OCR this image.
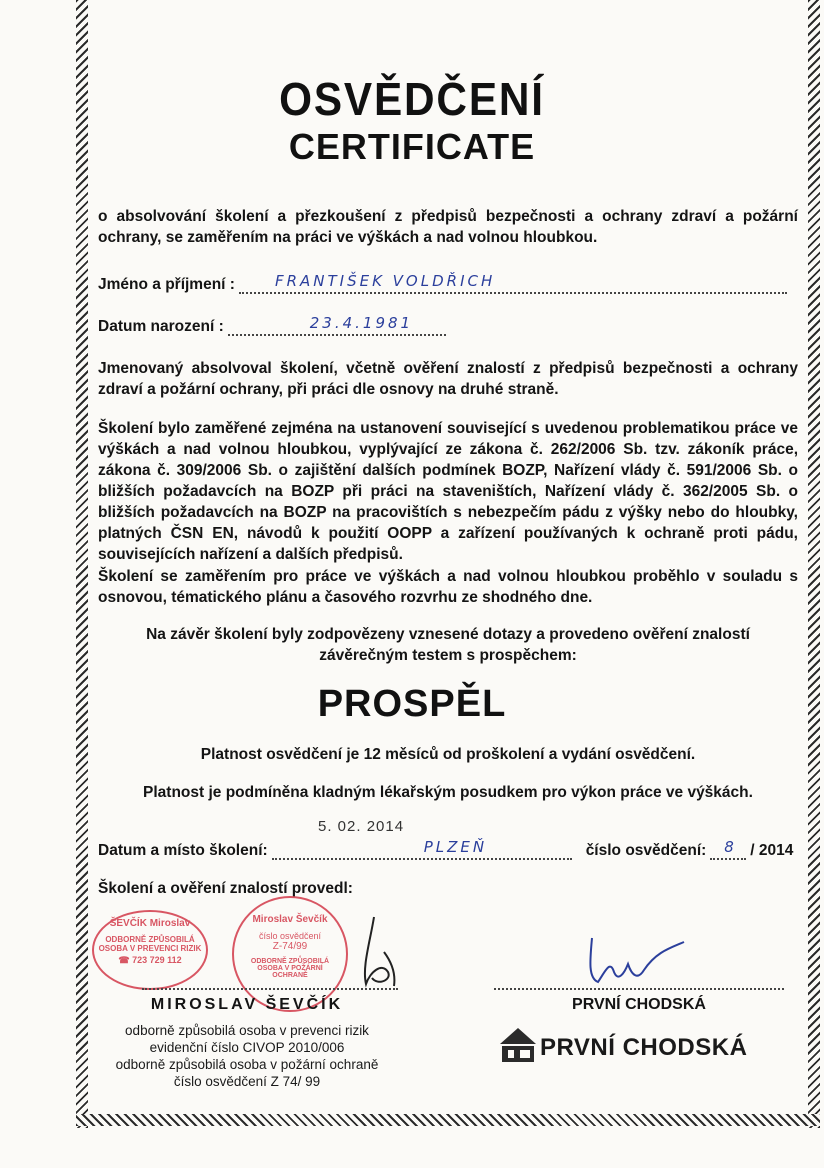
OSVĚDČENÍ
CERTIFICATE
o absolvování školení a přezkoušení z předpisů bezpečnosti a ochrany zdraví a požární ochrany, se zaměřením na práci ve výškách a nad volnou hloubkou.
Jméno a příjmení :	FRANTIŠEK VOLDŘICH
Datum narození :	23.4.1981
Jmenovaný absolvoval školení, včetně ověření znalostí z předpisů bezpečnosti a ochrany zdraví a požární ochrany, při práci dle osnovy na druhé straně.
Školení bylo zaměřené zejména na ustanovení související s uvedenou problematikou práce ve výškách a nad volnou hloubkou, vyplývající ze zákona č. 262/2006 Sb. tzv. zákoník práce, zákona č. 309/2006 Sb. o zajištění dalších podmínek BOZP, Nařízení vlády č. 591/2006 Sb. o bližších požadavcích na BOZP při práci na staveništích, Nařízení vlády č. 362/2005 Sb. o bližších požadavcích na BOZP na pracovištích s nebezpečím pádu z výšky nebo do hloubky, platných ČSN EN, návodů k použití OOPP a zařízení používaných k ochraně proti pádu, souvisejících nařízení a dalších předpisů.
Školení se zaměřením pro práce ve výškách a nad volnou hloubkou proběhlo v souladu s osnovou, tématického plánu a časového rozvrhu ze shodného dne.
Na závěr školení byly zodpovězeny vznesené dotazy a provedeno ověření znalostí
závěrečným testem s prospěchem:
PROSPĚL
Platnost osvědčení je 12 měsíců od proškolení a vydání osvědčení.
Platnost je podmíněna kladným lékařským posudkem pro výkon práce ve výškách.
5. 02. 2014
Datum a místo školení:	PLZEŇ	číslo osvědčení: 8 / 2014
Školení a ověření znalostí provedl:
ŠEVČÍK Miroslav
ODBORNĚ ZPŮSOBILÁ
OSOBA V PREVENCI RIZIK
☎ 723 729 112
Miroslav Ševčík
číslo osvědčení
Z-74/99
ODBORNĚ ZPŮSOBILÁ OSOBA V POŽÁRNÍ OCHRANĚ
MIROSLAV ŠEVČÍK	PRVNÍ CHODSKÁ
odborně způsobilá osoba v prevenci rizik
evidenční číslo CIVOP 2010/006
odborně způsobilá osoba v požární ochraně
číslo osvědčení Z 74/ 99
PRVNÍ CHODSKÁ
